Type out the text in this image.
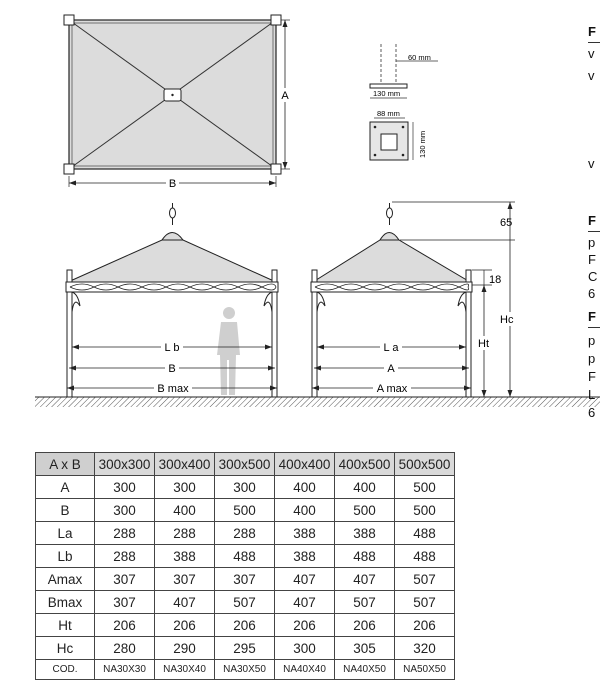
A
B
60 mm
130 mm
88 mm
130 mm
L b
B
B max
L a
A
A max
65
18
Ht
Hc
F
v
v
v
F
p
F
C
6
F
p
p
F
L
6
A x B	300x300	300x400	300x500	400x400	400x500	500x500
A	300	300	300	400	400	500
B	300	400	500	400	500	500
La	288	288	288	388	388	488
Lb	288	388	488	388	488	488
Amax	307	307	307	407	407	507
Bmax	307	407	507	407	507	507
Ht	206	206	206	206	206	206
Hc	280	290	295	300	305	320
COD.	NA30X30	NA30X40	NA30X50	NA40X40	NA40X50	NA50X50
